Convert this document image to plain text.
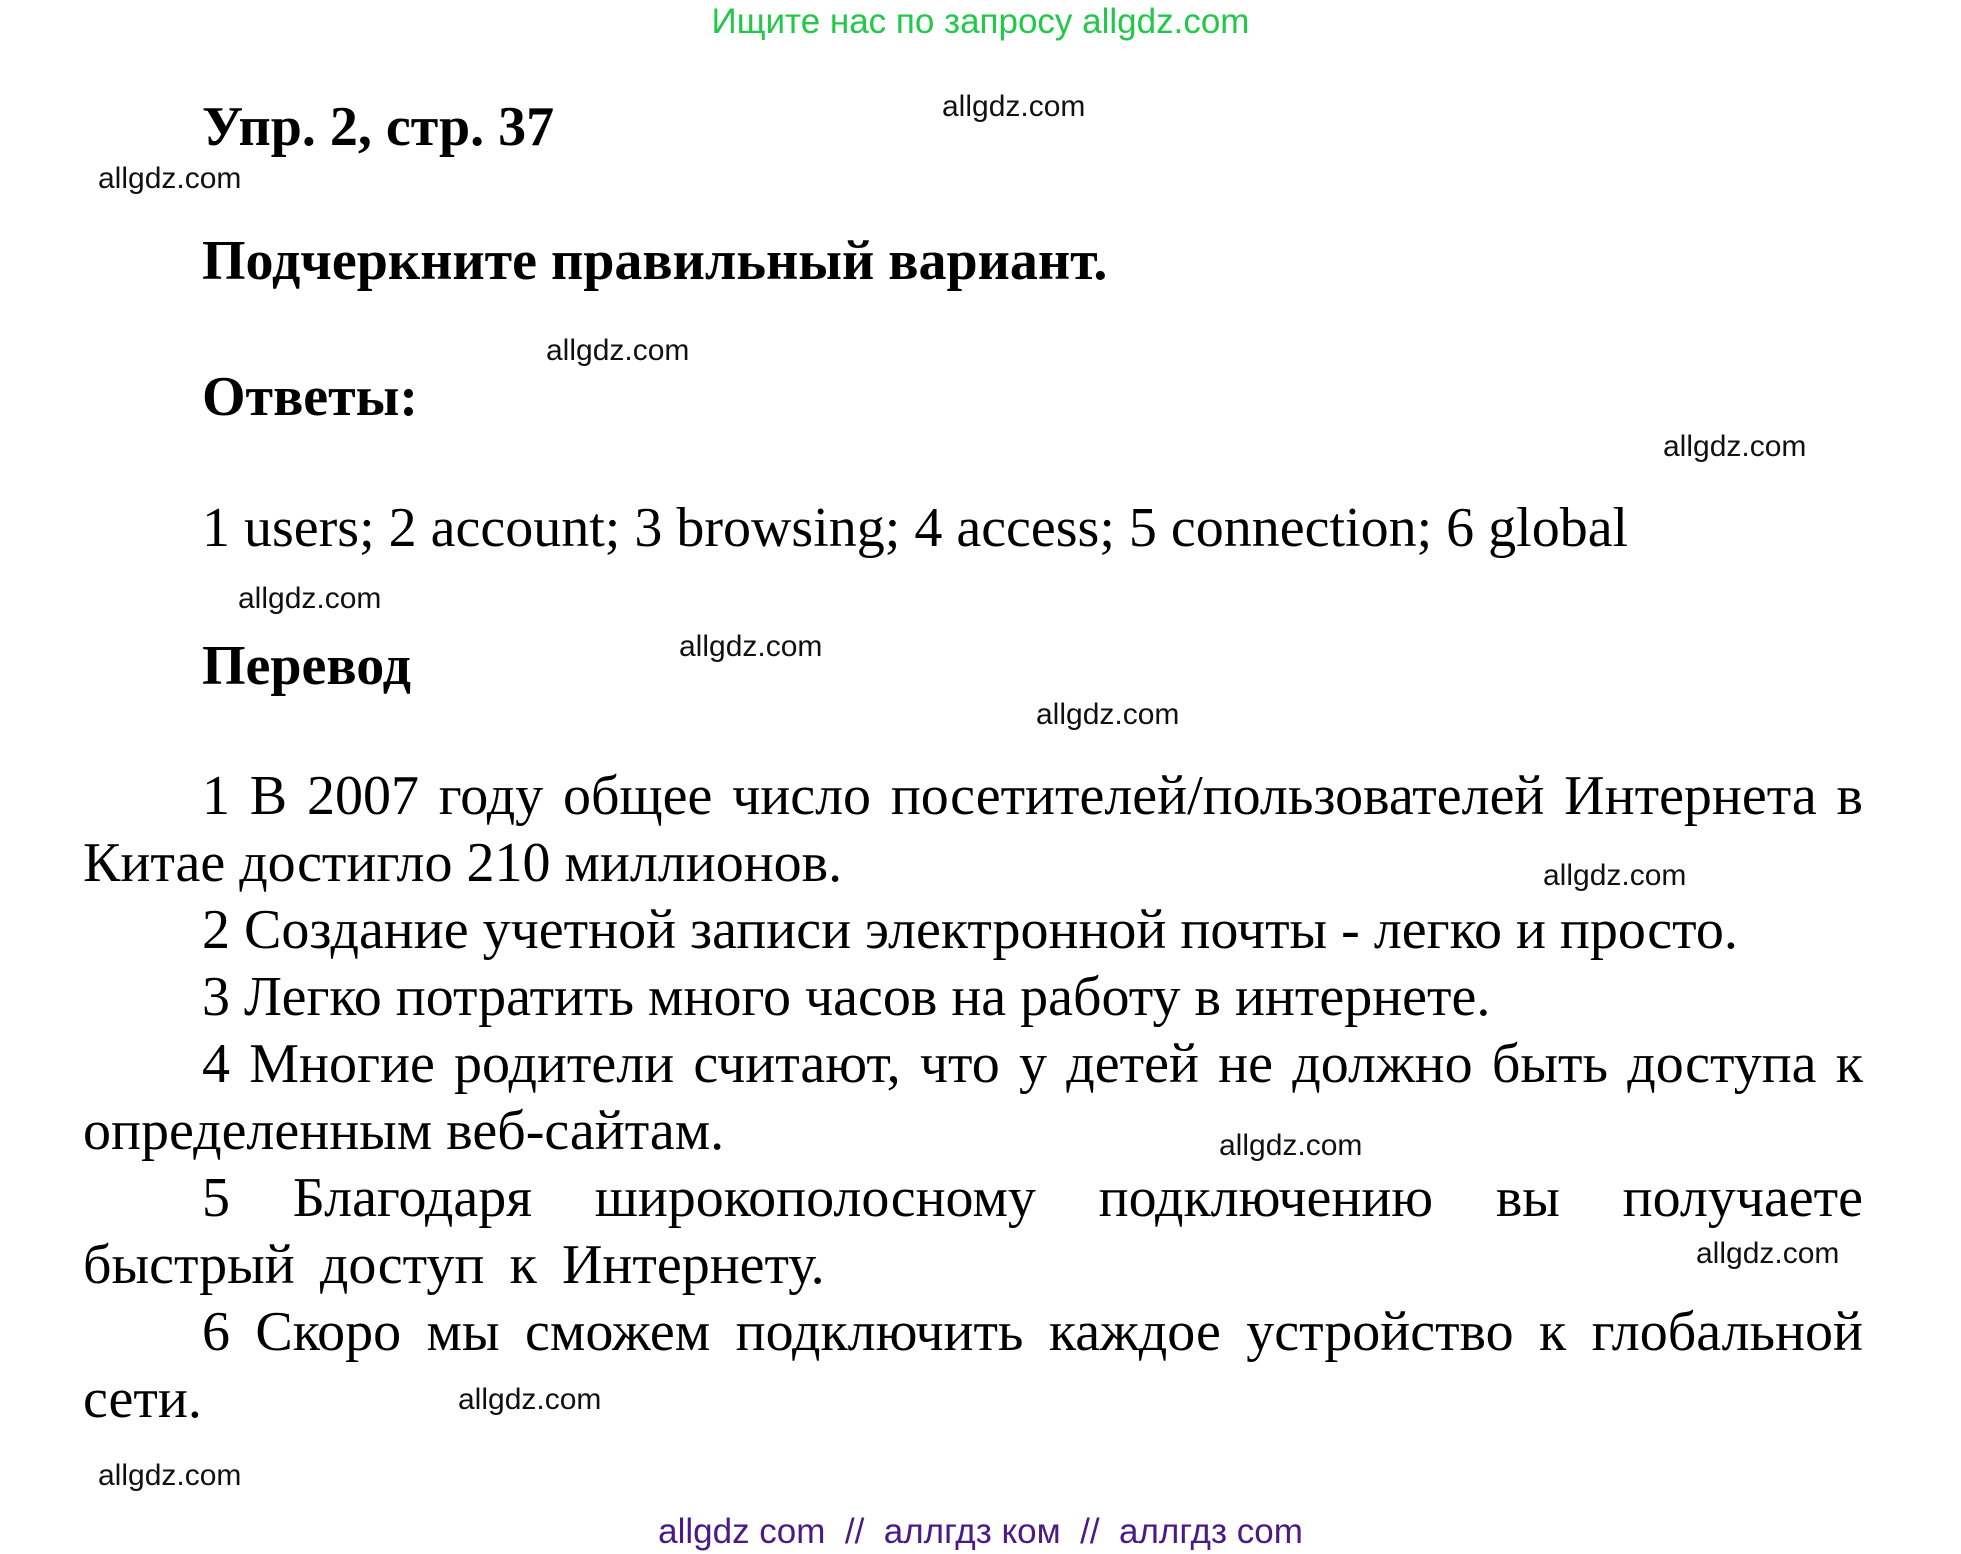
Ищите нас по запросу allgdz.com
Упр. 2, стр. 37
Подчеркните правильный вариант.
Ответы:
1 users; 2 account; 3 browsing; 4 access; 5 connection; 6 global
Перевод

1 В 2007 году общее число посетителей/пользователей Интернета в Китае достигло 210 миллионов.

2 Создание учетной записи электронной почты - легко и просто.

3 Легко потратить много часов на работу в интернете.

4 Многие родители считают, что у детей не должно быть доступа к определенным веб-сайтам.

5 Благодаря широкополосному подключению вы получаете быстрый доступ к Интернету.

6 Скоро мы сможем подключить каждое устройство к глобальной сети.

allgdz.com
allgdz.com
allgdz.com
allgdz.com
allgdz.com
allgdz.com
allgdz.com
allgdz.com
allgdz.com
allgdz.com
allgdz.com
allgdz.com
allgdz com  //  аллгдз ком  //  аллгдз com
